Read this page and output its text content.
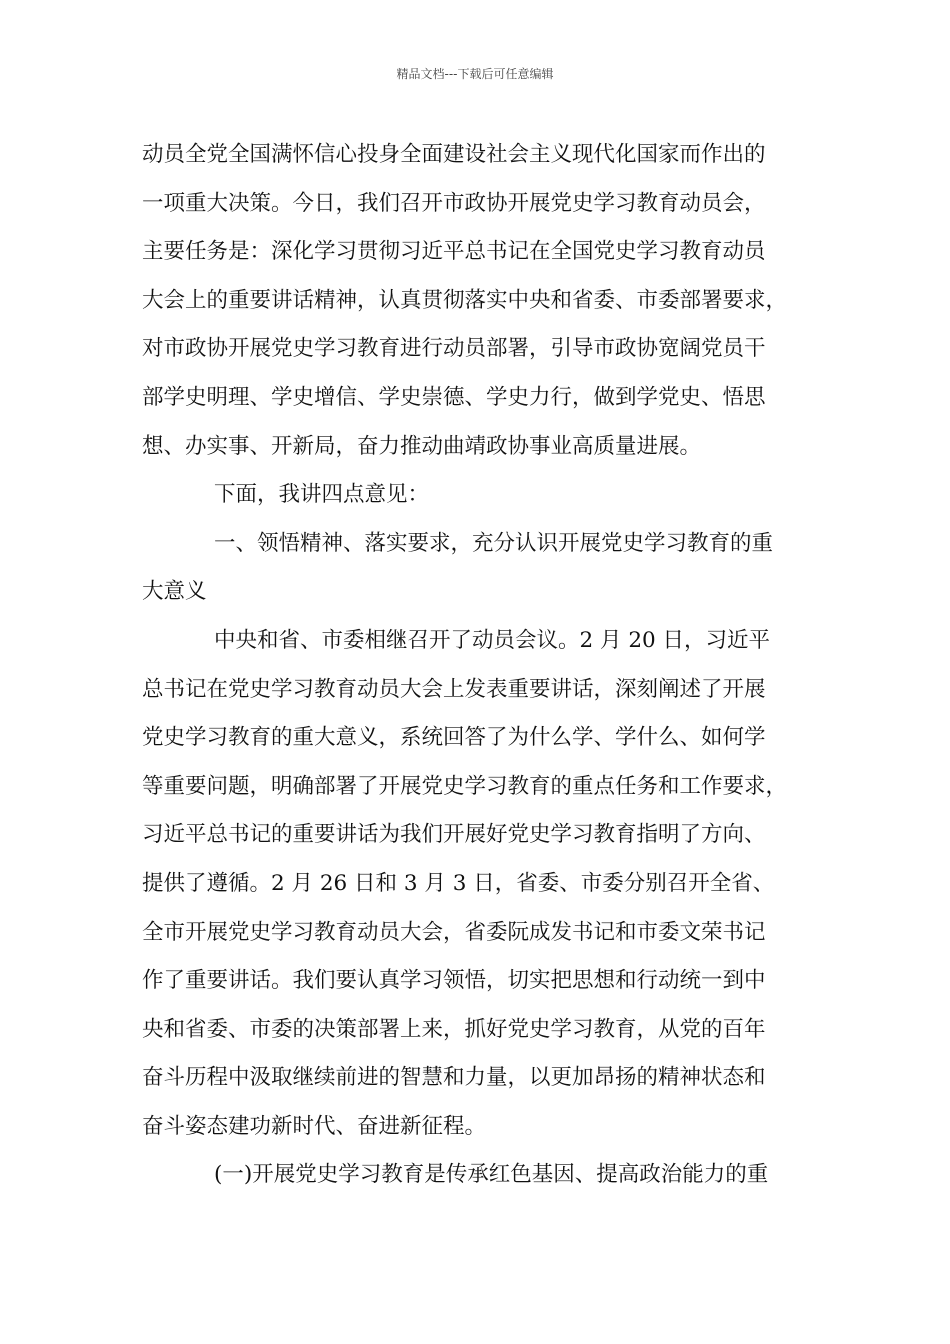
精品文档---下载后可任意编辑
动员全党全国满怀信心投身全面建设社会主义现代化国家而作出的
一项重大决策。今日，我们召开市政协开展党史学习教育动员会，
主要任务是：深化学习贯彻习近平总书记在全国党史学习教育动员
大会上的重要讲话精神，认真贯彻落实中央和省委、市委部署要求，
对市政协开展党史学习教育进行动员部署，引导市政协宽阔党员干
部学史明理、学史增信、学史崇德、学史力行，做到学党史、悟思
想、办实事、开新局，奋力推动曲靖政协事业高质量进展。
下面，我讲四点意见：
一、领悟精神、落实要求，充分认识开展党史学习教育的重
大意义
中央和省、市委相继召开了动员会议。2 月 20 日，习近平
总书记在党史学习教育动员大会上发表重要讲话，深刻阐述了开展
党史学习教育的重大意义，系统回答了为什么学、学什么、如何学
等重要问题，明确部署了开展党史学习教育的重点任务和工作要求，
习近平总书记的重要讲话为我们开展好党史学习教育指明了方向、
提供了遵循。2 月 26 日和 3 月 3 日，省委、市委分别召开全省、
全市开展党史学习教育动员大会，省委阮成发书记和市委文荣书记
作了重要讲话。我们要认真学习领悟，切实把思想和行动统一到中
央和省委、市委的决策部署上来，抓好党史学习教育，从党的百年
奋斗历程中汲取继续前进的智慧和力量，以更加昂扬的精神状态和
奋斗姿态建功新时代、奋进新征程。
(一)开展党史学习教育是传承红色基因、提高政治能力的重
